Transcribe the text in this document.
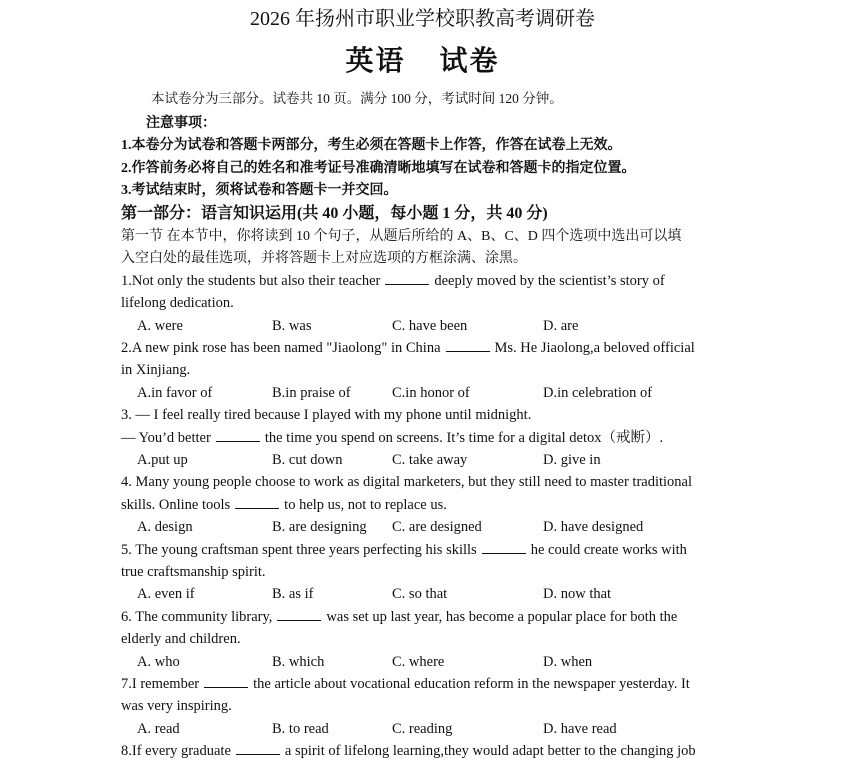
2026 年扬州市职业学校职教高考调研卷
英语 试卷
本试卷分为三部分。试卷共 10 页。满分 100 分，考试时间 120 分钟。
注意事项：
1.本卷分为试卷和答题卡两部分，考生必须在答题卡上作答，作答在试卷上无效。
2.作答前务必将自己的姓名和准考证号准确清晰地填写在试卷和答题卡的指定位置。
3.考试结束时，须将试卷和答题卡一并交回。
第一部分：语言知识运用(共 40 小题，每小题 1 分，共 40 分)
第一节 在本节中，你将读到 10 个句子，从题后所给的 A、B、C、D 四个选项中选出可以填
入空白处的最佳选项，并将答题卡上对应选项的方框涂满、涂黑。
1.Not only the students but also their teacher	deeply moved by the scientist’s story of
lifelong dedication.
A. were	B. was	C. have been	D. are
2.A new pink rose has been named "Jiaolong" in China	Ms. He Jiaolong,a beloved official
in Xinjiang.
A.in favor of	B.in praise of	C.in honor of	D.in celebration of
3. — I feel really tired because I played with my phone until midnight.
— You’d better	the time you spend on screens. It’s time for a digital detox（戒断）.
A.put up	B. cut down	C. take away	D. give in
4. Many young people choose to work as digital marketers, but they still need to master traditional
skills. Online tools	to help us, not to replace us.
A. design	B. are designing C. are designed	D. have designed
5. The young craftsman spent three years perfecting his skills	he could create works with
true craftsmanship spirit.
A. even if	B. as if	C. so that	D. now that
6. The community library,	was set up last year, has become a popular place for both the
elderly and children.
A. who	B. which	C. where	D. when
7.I remember	the article about vocational education reform in the newspaper yesterday. It
was very inspiring.
A. read	B. to read	C. reading	D. have read
8.If every graduate	a spirit of lifelong learning,they would adapt better to the changing job
